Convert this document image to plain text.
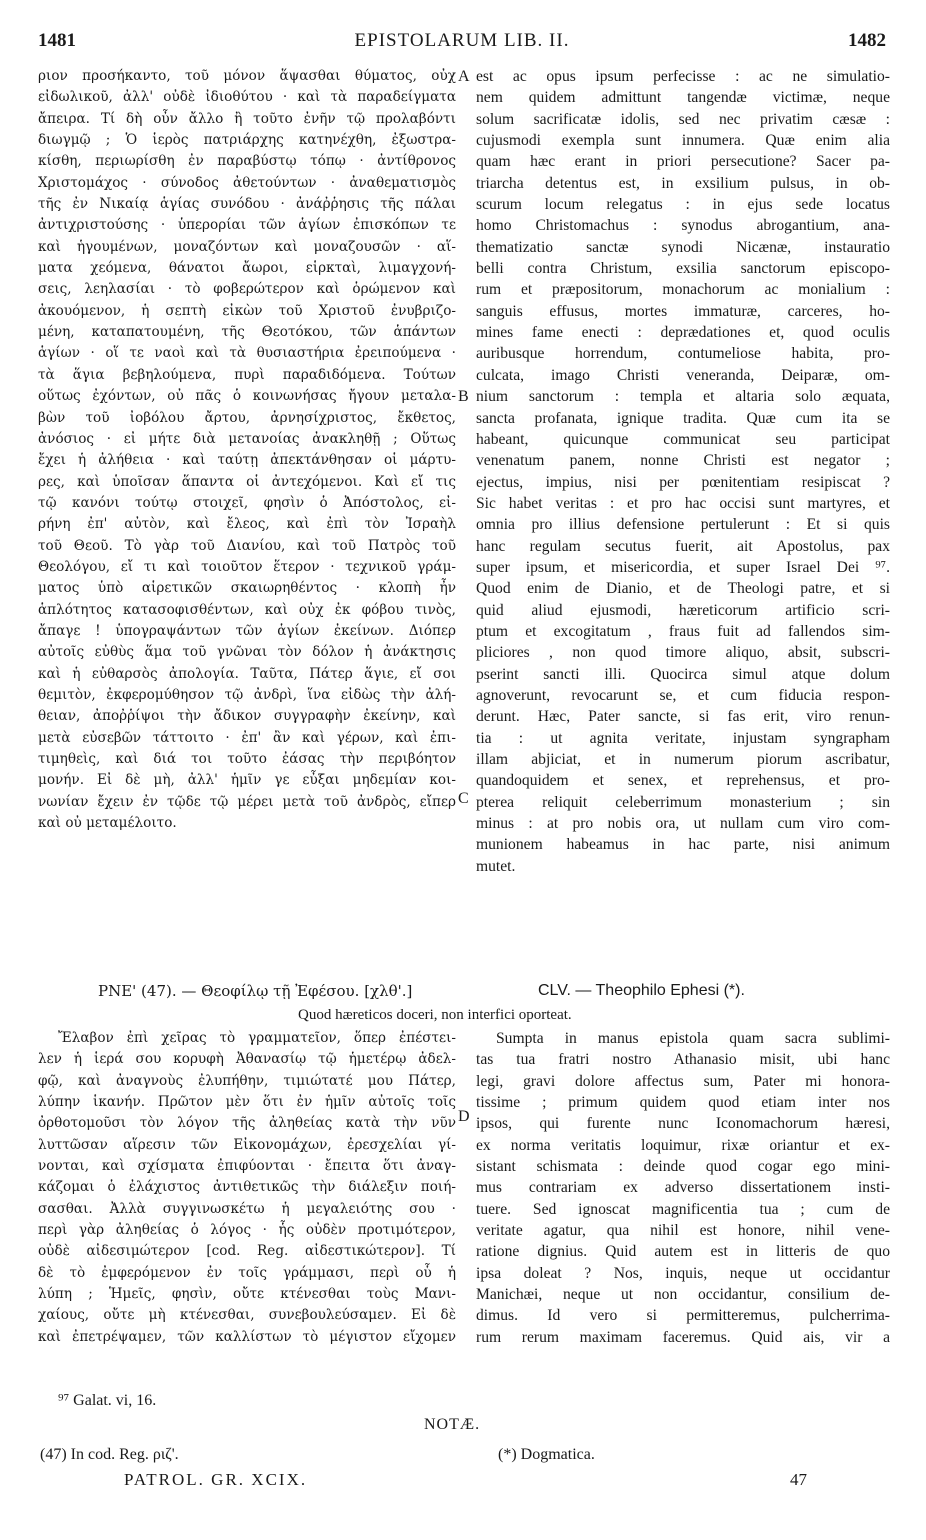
1481	EPISTOLARUM LIB. II.	1482
ριον προσήκαντο, τοῦ μόνον ἅψασθαι θύματος, οὐχ
εἰδωλικοῦ, ἀλλ' οὐδὲ ἰδιοθύτου · καὶ τὰ παραδείγματα
ἄπειρα. Τί δὴ οὖν ἄλλο ἢ τοῦτο ἐνῆν τῷ προλαβόντι
διωγμῷ ; Ὁ ἱερὸς πατριάρχης κατηνέχθη, ἐξωστρα-
κίσθη, περιωρίσθη ἐν παραβύστῳ τόπῳ · ἀντίθρονος
Χριστομάχος · σύνοδος ἀθετούντων · ἀναθεματισμὸς
τῆς ἐν Νικαίᾳ ἁγίας συνόδου · ἀνάῤῥησις τῆς πάλαι
ἀντιχριστούσης · ὑπερορίαι τῶν ἁγίων ἐπισκόπων τε
καὶ ἡγουμένων, μοναζόντων καὶ μοναζουσῶν · αἵ-
ματα χεόμενα, θάνατοι ἄωροι, εἱρκταὶ, λιμαγχονή-
σεις, λεηλασίαι · τὸ φοβερώτερον καὶ ὁρώμενον καὶ
ἀκουόμενον, ἡ σεπτὴ εἰκὼν τοῦ Χριστοῦ ἐνυβριζο-
μένη, καταπατουμένη, τῆς Θεοτόκου, τῶν ἁπάντων
ἁγίων · οἵ τε ναοὶ καὶ τὰ θυσιαστήρια ἐρειπούμενα ·
τὰ ἅγια βεβηλούμενα, πυρὶ παραδιδόμενα. Τούτων
οὕτως ἐχόντων, οὐ πᾶς ὁ κοινωνήσας ἤγουν μεταλα-
βὼν τοῦ ἰοβόλου ἄρτου, ἀρνησίχριστος, ἔκθετος,
ἀνόσιος · εἰ μήτε διὰ μετανοίας ἀνακληθῇ ; Οὕτως
ἔχει ἡ ἀλήθεια · καὶ ταύτῃ ἀπεκτάνθησαν οἱ μάρτυ-
ρες, καὶ ὑποῖσαν ἅπαντα οἱ ἀντεχόμενοι. Καὶ εἴ τις
τῷ κανόνι τούτῳ στοιχεῖ, φησὶν ὁ Ἀπόστολος, εἰ-
ρήνη ἐπ' αὐτὸν, καὶ ἔλεος, καὶ ἐπὶ τὸν Ἰσραὴλ
τοῦ Θεοῦ. Τὸ γὰρ τοῦ Διανίου, καὶ τοῦ Πατρὸς τοῦ
Θεολόγου, εἴ τι καὶ τοιοῦτον ἕτερον · τεχνικοῦ γράμ-
ματος ὑπὸ αἱρετικῶν σκαιωρηθέντος · κλοπὴ ἦν
ἁπλότητος κατασοφισθέντων, καὶ οὐχ ἐκ φόβου τινὸς,
ἄπαγε ! ὑπογραψάντων τῶν ἁγίων ἐκείνων. Διόπερ
αὐτοῖς εὐθὺς ἅμα τοῦ γνῶναι τὸν δόλον ἡ ἀνάκτησις
καὶ ἡ εὐθαρσὸς ἀπολογία. Ταῦτα, Πάτερ ἅγιε, εἴ σοι
θεμιτὸν, ἐκφερομύθησον τῷ ἀνδρὶ, ἵνα εἰδὼς τὴν ἀλή-
θειαν, ἀποῤῥίψοι τὴν ἄδικον συγγραφὴν ἐκείνην, καὶ
μετὰ εὐσεβῶν τάττοιτο · ἐπ' ἂν καὶ γέρων, καὶ ἐπι-
τιμηθεὶς, καὶ διά τοι τοῦτο ἐάσας τὴν περιβόητον
μονήν. Εἰ δὲ μὴ, ἀλλ' ἡμῖν γε εὖξαι μηδεμίαν κοι-
νωνίαν ἔχειν ἐν τῷδε τῷ μέρει μετὰ τοῦ ἀνδρὸς, εἴπερ
καὶ οὐ μεταμέλοιτο.
est ac opus ipsum perfecisse : ac ne simulatio-
nem quidem admittunt tangendæ victimæ, neque
solum sacrificatæ idolis, sed nec privatim cæsæ :
cujusmodi exempla sunt innumera. Quæ enim alia
quam hæc erant in priori persecutione? Sacer pa-
triarcha detentus est, in exsilium pulsus, in ob-
scurum locum relegatus : in ejus sede locatus
homo Christomachus : synodus abrogantium, ana-
thematizatio sanctæ synodi Nicænæ, instauratio
belli contra Christum, exsilia sanctorum episcopo-
rum et præpositorum, monachorum ac monialium :
sanguis effusus, mortes immaturæ, carceres, ho-
mines fame enecti : deprædationes et, quod oculis
auribusque horrendum, contumeliose habita, pro-
culcata, imago Christi veneranda, Deiparæ, om-
nium sanctorum : templa et altaria solo æquata,
sancta profanata, igniquе tradita. Quæ cum ita se
habeant, quicunque communicat seu participat
venenatum panem, nonne Christi est negator ;
ejectus, impius, nisi per pœnitentiam resipiscat ?
Sic habet veritas : et pro hac occisi sunt martyres, et
omnia pro illius defensione pertulerunt : Et si quis
hanc regulam secutus fuerit, ait Apostolus, pax
super ipsum, et misericordia, et super Israel Dei ⁹⁷.
Quod enim de Dianio, et de Theologi patre, et si
quid aliud ejusmodi, hæreticorum artificio scri-
ptum et excogitatum , fraus fuit ad fallendos sim-
pliciores , non quod timore aliquo, absit, subscri-
pserint sancti illi. Quocirca simul atque dolum
agnoverunt, revocarunt se, et cum fiducia respon-
derunt. Hæc, Pater sancte, si fas erit, viro renun-
tia : ut agnita veritate, injustam syngrapham
illam abjiciat, et in numerum piorum ascribatur,
quandoquidem et senex, et reprehensus, et pro-
pterea reliquit celeberrimum monasterium ; sin
minus : at pro nobis ora, ut nullam cum viro com-
munionem habeamus in hac parte, nisi animum
mutet.
A
B
C
D
PNE' (47). — Θεοφίλῳ τῇ Ἐφέσου. [χλθ'.]	CLV. — Theophilo Ephesi (*).
Quod hæreticos doceri, non interfici oporteat.
Ἔλαβον ἐπὶ χεῖρας τὸ γραμματεῖον, ὅπερ ἐπέστει-
λεν ἡ ἱερά σου κορυφὴ Ἀθανασίῳ τῷ ἡμετέρῳ ἀδελ-
φῷ, καὶ ἀναγνοὺς ἐλυπήθην, τιμιώτατέ μου Πάτερ,
λύπην ἱκανήν. Πρῶτον μὲν ὅτι ἐν ἡμῖν αὐτοῖς τοῖς
ὀρθοτομοῦσι τὸν λόγον τῆς ἀληθείας κατὰ τὴν νῦν
λυττῶσαν αἵρεσιν τῶν Εἰκονομάχων, ἐρεσχελίαι γί-
νονται, καὶ σχίσματα ἐπιφύονται · ἔπειτα ὅτι ἀναγ-
κάζομαι ὁ ἐλάχιστος ἀντιθετικῶς τὴν διάλεξιν ποιή-
σασθαι. Ἀλλὰ συγγινωσκέτω ἡ μεγαλειότης σου ·
περὶ γὰρ ἀληθείας ὁ λόγος · ἧς οὐδὲν προτιμότερον,
οὐδὲ αἰδεσιμώτερον [cod. Reg. αἰδεστικώτερον]. Τί
δὲ τὸ ἐμφερόμενον ἐν τοῖς γράμμασι, περὶ οὗ ἡ
λύπη ; Ἡμεῖς, φησὶν, οὔτε κτένεσθαι τοὺς Μανι-
χαίους, οὔτε μὴ κτένεσθαι, συνεβουλεύσαμεν. Εἰ δὲ
καὶ ἐπετρέψαμεν, τῶν καλλίστων τὸ μέγιστον εἴχομεν
Sumpta in manus epistola quam sacra sublimi-
tas tua fratri nostro Athanasio misit, ubi hanc
legi, gravi dolore affectus sum, Pater mi honora-
tissime ; primum quidem quod etiam inter nos
ipsos, qui furente nunc Iconomachorum hæresi,
ex norma veritatis loquimur, rixæ oriantur et ex-
sistant schismata : deinde quod cogar ego mini-
mus contrariam ex adverso dissertationem insti-
tuere. Sed ignoscat magnificentia tua ; cum de
veritate agatur, qua nihil est honore, nihil vene-
ratione dignius. Quid autem est in litteris de quo
ipsa doleat ? Nos, inquis, neque ut occidantur
Manichæi, neque ut non occidantur, consilium de-
dimus. Id vero si permitteremus, pulcherrima-
rum rerum maximam faceremus. Quid ais, vir a
⁹⁷ Galat. vi, 16.
NOTÆ.
(47) In cod. Reg. ριζ'.	(*) Dogmatica.
PATROL. GR. XCIX.	47
